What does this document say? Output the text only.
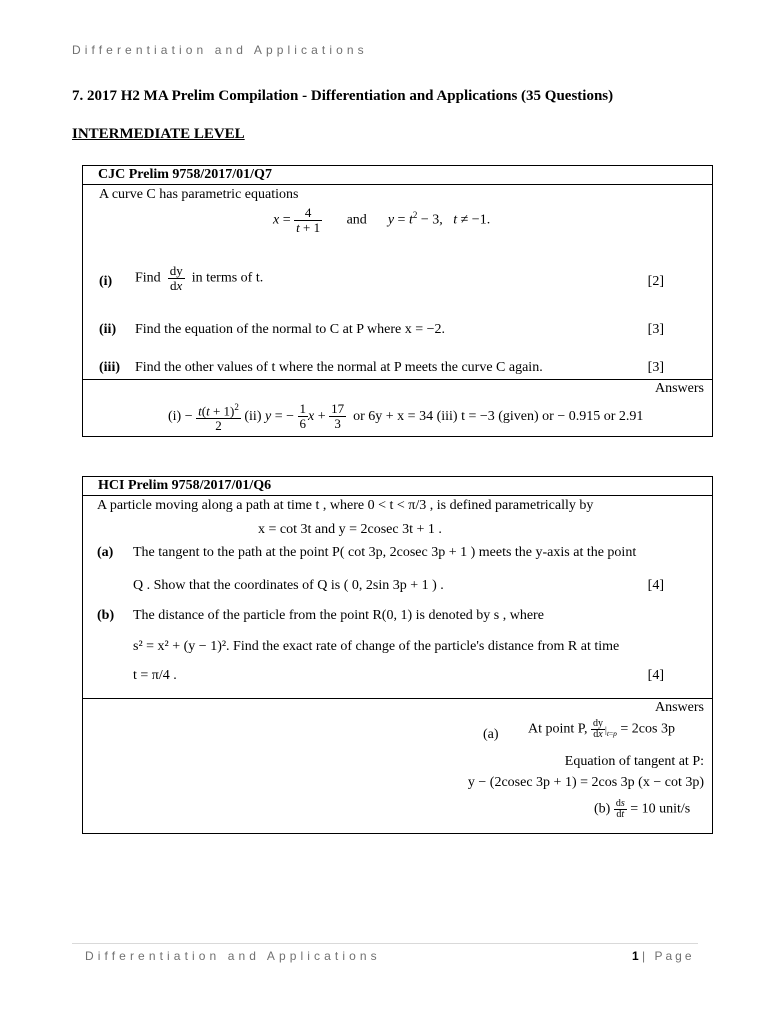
Differentiation and Applications
7. 2017 H2 MA Prelim Compilation - Differentiation and Applications (35 Questions)
INTERMEDIATE LEVEL
CJC Prelim 9758/2017/01/Q7
A curve C has parametric equations
$x = \frac{4}{t + 1}$ and      $y = t^2 - 3$,   t ≠ −1.
(i) Find $\frac{dy}{dx}$ in terms of t.	[2]
(ii) Find the equation of the normal to C at P where x = −2.	[3]
(iii) Find the other values of t where the normal at P meets the curve C again.	[3]
Answers
$(i) - \frac{t(t + 1)^2}{2} (ii) y$ = − $\frac{1}{6}$ $x + \frac{17}{3}$ or 6y + x = 34 (iii) t = −3 (given) or − 0.915 or 2.91
HCI Prelim 9758/2017/01/Q6
A particle moving along a path at time t , where 0 < t < π/3 , is defined parametrically by
x = cot 3t and y = 2cosec 3t + 1 .
(a) The tangent to the path at the point P( cot 3p, 2cosec 3p + 1 ) meets the y-axis at the point
Q . Show that the coordinates of Q is ( 0, 2sin 3p + 1 ) .	[4]
(b) The distance of the particle from the point R(0, 1) is denoted by s , where
s² = x² + (y − 1)². Find the exact rate of change of the particle's distance from R at time
t = π/4 .	[4]
Answers
(a) At point P, $\frac{dy}{dx} |_{t=p} = 2\cos$ 3p
Equation of tangent at P:
y − (2cosec 3p + 1) = 2cos 3p (x − cot 3p)
$(b) \frac{ds}{dt} = 10$ unit/s
Differentiation and Applications	1 | Page
